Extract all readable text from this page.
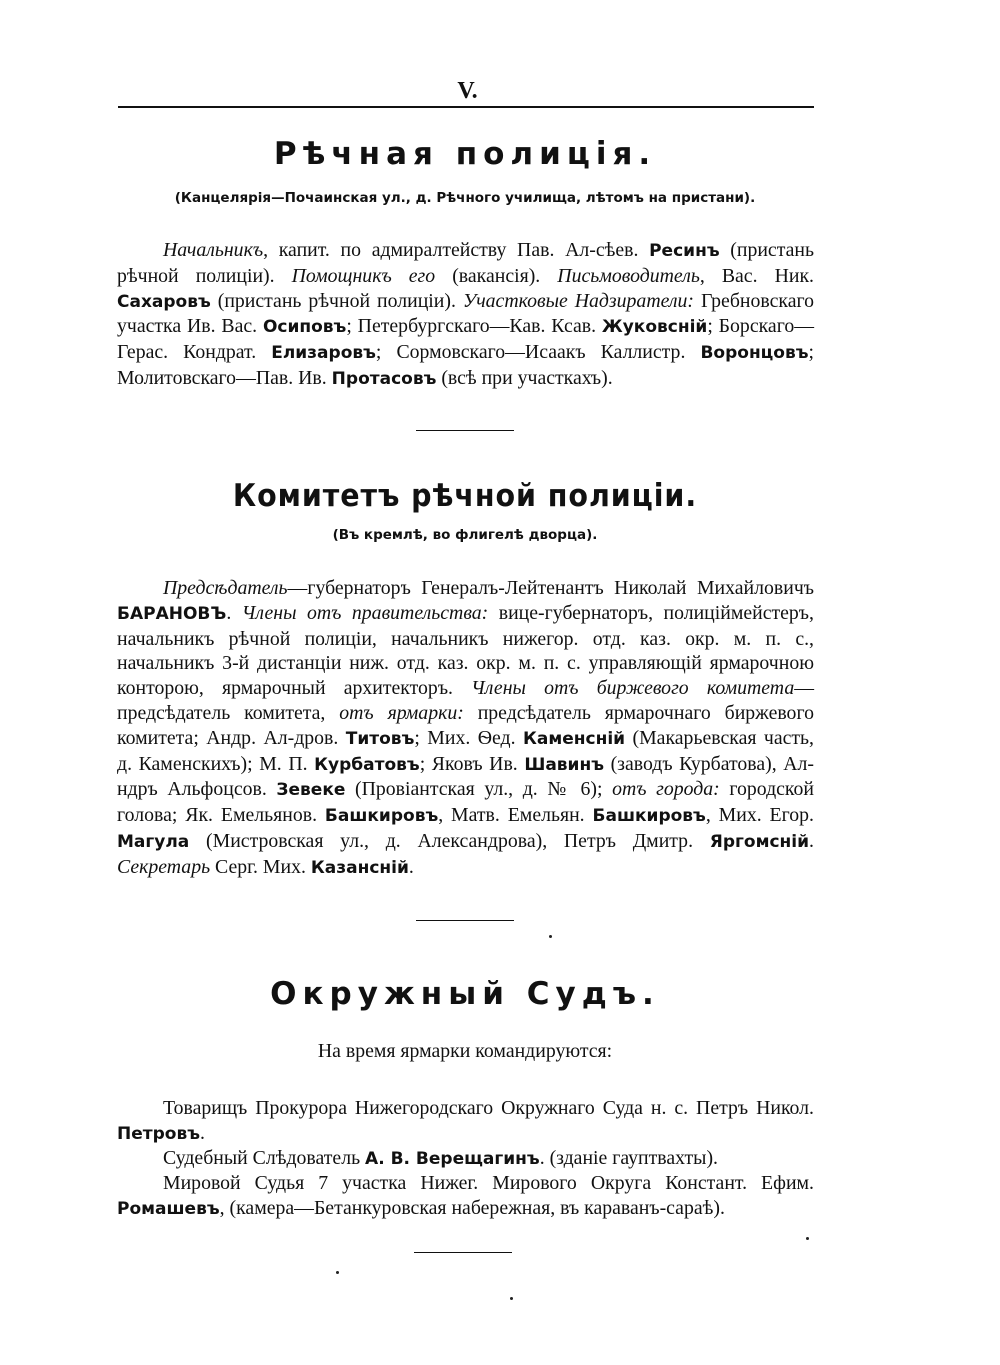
V.
Рѣчная полиція.
(Канцелярія—Почаинская ул., д. Рѣчного училища, лѣтомъ на пристани).

Начальникъ, капит. по адмиралтейству Пав. Ал-сѣев. Ресинъ (пристань рѣчной полиціи). Помощникъ его (вакансія). Письмоводитель, Вас. Ник. Сахаровъ (пристань рѣчной полиціи). Участковые Надзиратели: Гребновскаго участка Ив. Вас. Осиповъ; Петербургскаго—Кав. Ксав. Жуковсній; Борскаго—Герас. Кондрат. Елизаровъ; Сормовскаго—Исаакъ Каллистр. Воронцовъ; Молитовскаго—Пав. Ив. Протасовъ (всѣ при участкахъ).

Комитетъ рѣчной полиціи.
(Въ кремлѣ, во флигелѣ дворца).

Предсѣдатель—губернаторъ Генералъ-Лейтенантъ Николай Михайловичъ БАРАНОВЪ. Члены отъ правительства: вице-губернаторъ, полиціймейстеръ, начальникъ рѣчной полиціи, начальникъ нижегор. отд. каз. окр. м. п. с., начальникъ 3-й дистанціи ниж. отд. каз. окр. м. п. с. управляющій ярмарочною конторою, ярмарочный архитекторъ. Члены отъ биржевого комитета—предсѣдатель комитета, отъ ярмарки: предсѣдатель ярмарочнаго биржевого комитета; Андр. Ал-дров. Титовъ; Мих. Ѳед. Каменсній (Макарьевская часть, д. Каменскихъ); М. П. Курбатовъ; Яковъ Ив. Шавинъ (заводъ Курбатова), Ал-ндръ Альфоцсов. Зевеке (Провіантская ул., д. № 6); отъ города: городской голова; Як. Емельянов. Башкировъ, Матв. Емельян. Башкировъ, Мих. Егор. Магула (Мистровская ул., д. Александрова), Петръ Дмитр. Яргомсній. Секретарь Серг. Мих. Казансній.

Окружный Судъ.
На время ярмарки командируются:

Товарищъ Прокурора Нижегородскаго Окружнаго Суда н. с. Петръ Никол. Петровъ.

Судебный Слѣдователь А. В. Верещагинъ. (зданіе гауптвахты).

Мировой Судья 7 участка Нижег. Мирового Округа Констант. Ефим. Ромашевъ, (камера—Бетанкуровская набережная, въ караванъ-сараѣ).
